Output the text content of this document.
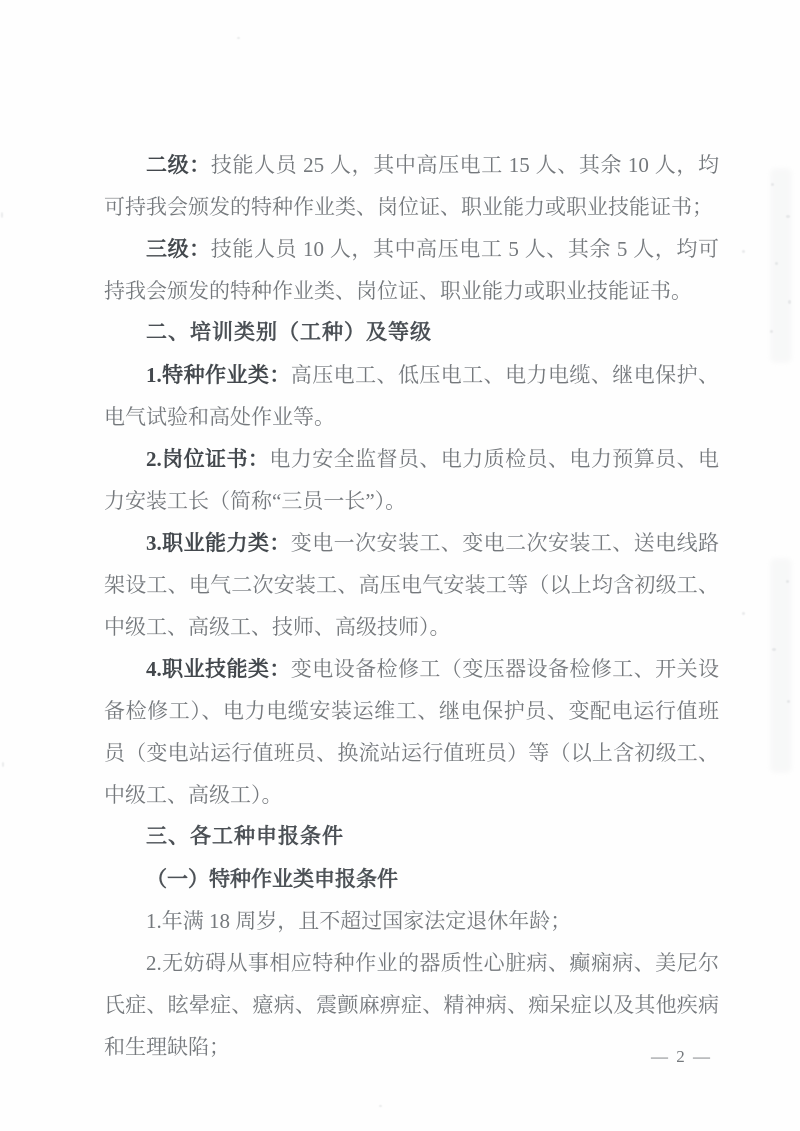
二级：技能人员 25 人，其中高压电工 15 人、其余 10 人，均可持我会颁发的特种作业类、岗位证、职业能力或职业技能证书；

三级：技能人员 10 人，其中高压电工 5 人、其余 5 人，均可持我会颁发的特种作业类、岗位证、职业能力或职业技能证书。

二、培训类别（工种）及等级

1.特种作业类：高压电工、低压电工、电力电缆、继电保护、电气试验和高处作业等。

2.岗位证书：电力安全监督员、电力质检员、电力预算员、电力安装工长（简称“三员一长”）。

3.职业能力类：变电一次安装工、变电二次安装工、送电线路架设工、电气二次安装工、高压电气安装工等（以上均含初级工、中级工、高级工、技师、高级技师）。

4.职业技能类：变电设备检修工（变压器设备检修工、开关设备检修工）、电力电缆安装运维工、继电保护员、变配电运行值班员（变电站运行值班员、换流站运行值班员）等（以上含初级工、中级工、高级工）。

三、各工种申报条件

（一）特种作业类申报条件

1.年满 18 周岁，且不超过国家法定退休年龄；

2.无妨碍从事相应特种作业的器质性心脏病、癫痫病、美尼尔氏症、眩晕症、癔病、震颤麻痹症、精神病、痴呆症以及其他疾病和生理缺陷；	— 2 —
